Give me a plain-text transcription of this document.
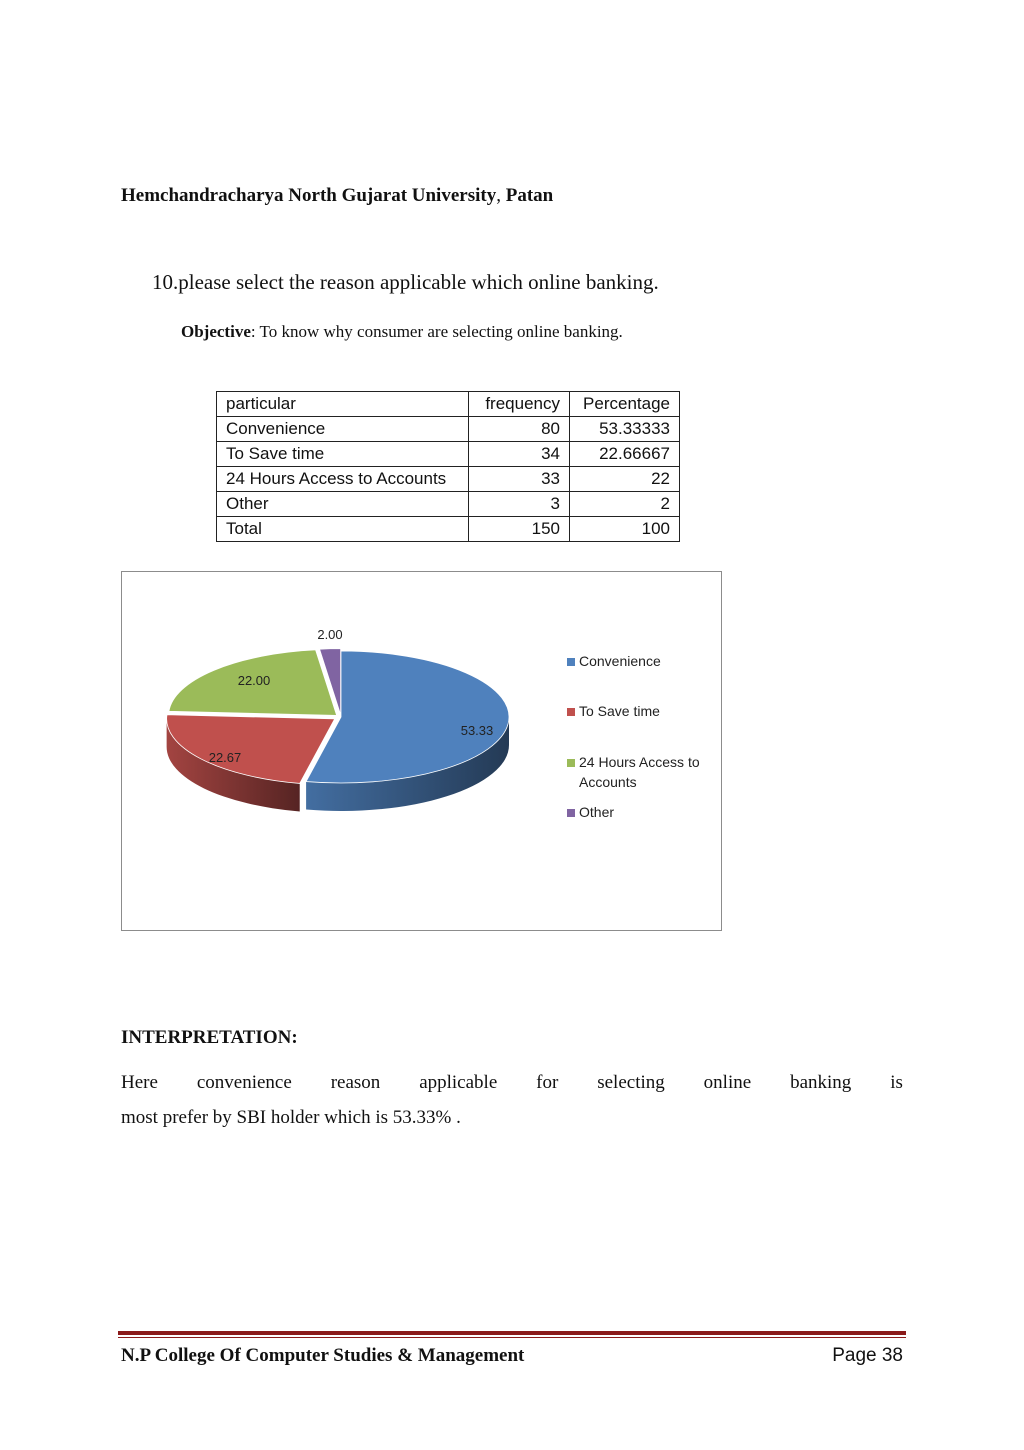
Hemchandracharya North Gujarat University, Patan
10.please select the reason applicable which online banking.
Objective: To know why consumer are selecting online banking.
particular	frequency	Percentage
Convenience	80	53.33333
To Save time	34	22.66667
24 Hours Access to Accounts	33	22
Other	3	2
Total	150	100
53.33
22.67
22.00
2.00
Convenience
To Save time
24 Hours Access to
Accounts
Other
INTERPRETATION:
Here convenience reason applicable for selecting online banking is
most prefer by SBI holder which is 53.33% .
N.P College Of Computer Studies & Management	Page 38
